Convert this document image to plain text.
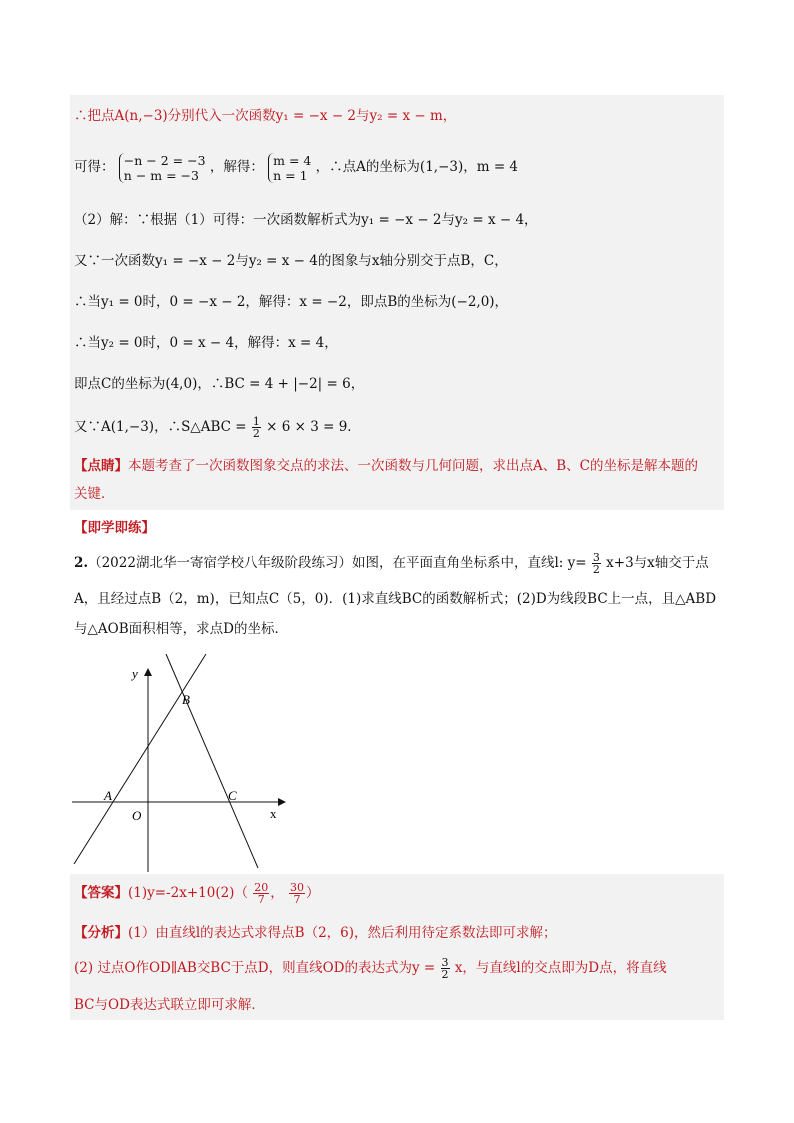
∴把点A(n,−3)分别代入一次函数y₁ = −x − 2与y₂ = x − m，
可得： −n − 2 = −3
n − m = −3 ，解得： m = 4
n = 1 ，∴点A的坐标为(1,−3)，m = 4
（2）解：∵根据（1）可得：一次函数解析式为y₁ = −x − 2与y₂ = x − 4，
又∵一次函数y₁ = −x − 2与y₂ = x − 4的图象与x轴分别交于点B，C，
∴当y₁ = 0时，0 = −x − 2，解得：x = −2，即点B的坐标为(−2,0)，
∴当y₂ = 0时，0 = x − 4，解得：x = 4，
即点C的坐标为(4,0)，∴BC = 4 + |−2| = 6，
又∵A(1,−3)，∴S△ABC = $\frac{1}{2} \times 6 \times 3 = 9$．
【点睛】本题考查了一次函数图象交点的求法、一次函数与几何问题，求出点A、B、C的坐标是解本题的
关键．
【即学即练】
2.（2022湖北华一寄宿学校八年级阶段练习）如图，在平面直角坐标系中，直线l: $y= \frac{3}{2} x+3$与x轴交于点
A，且经过点B（2，m)，已知点C（5，0)．(1)求直线BC的函数解析式；(2)D为线段BC上一点，且△ABD
与△AOB面积相等，求点D的坐标．
y
x
O
A
B
C
【答案】$(1)y=-2x+10(2)( \frac{20}{7}$ ， $\frac{30}{7}$ ）
【分析】(1）由直线l的表达式求得点B（2，6)，然后利用待定系数法即可求解；
(2) 过点O作OD∥AB交BC于点D，则直线OD的表达式为$y = \frac{3}{2}$ x，与直线l的交点即为D点，将直线
BC与OD表达式联立即可求解．
